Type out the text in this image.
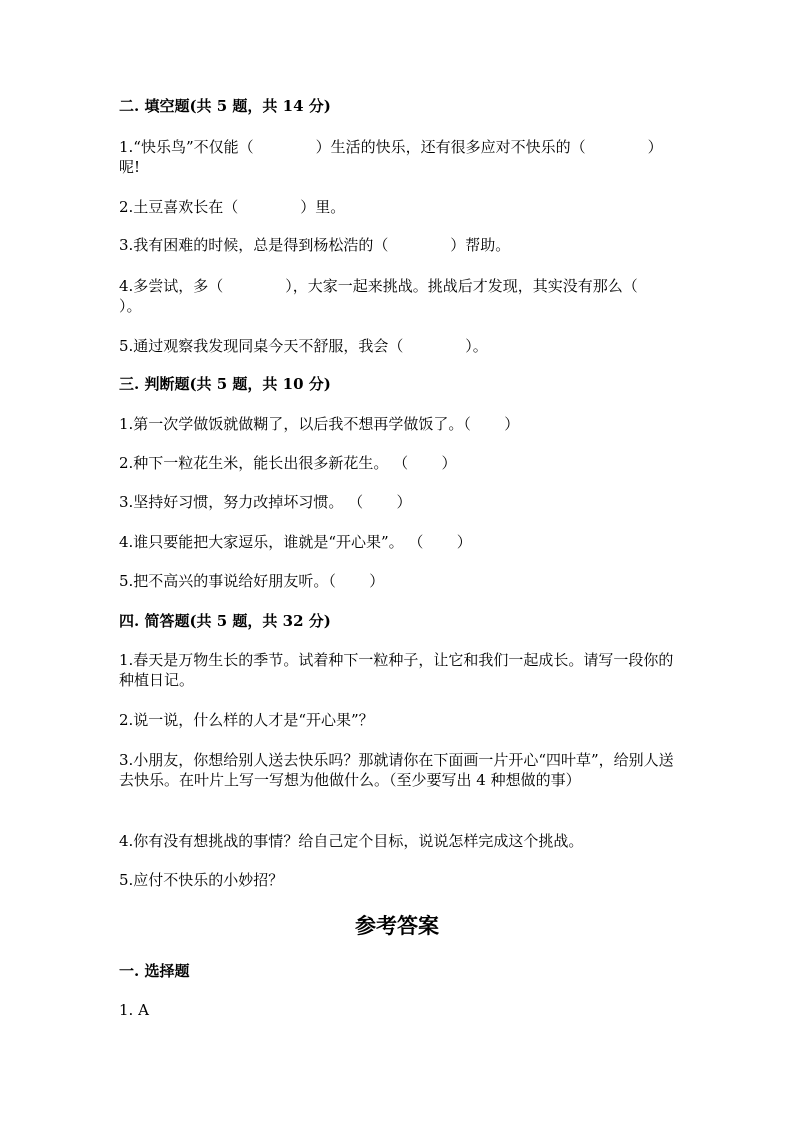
二. 填空题(共 5 题，共 14 分)
1.“快乐鸟”不仅能（             ）生活的快乐，还有很多应对不快乐的（             ）呢!
2.土豆喜欢长在（             ）里。
3.我有困难的时候，总是得到杨松浩的（             ）帮助。
4.多尝试，多（             ），大家一起来挑战。挑战后才发现，其实没有那么（             ）。
5.通过观察我发现同桌今天不舒服，我会（             ）。
三. 判断题(共 5 题，共 10 分)
1.第一次学做饭就做糊了，以后我不想再学做饭了。（       ）
2.种下一粒花生米，能长出很多新花生。 （       ）
3.坚持好习惯，努力改掉坏习惯。 （       ）
4.谁只要能把大家逗乐，谁就是“开心果”。 （       ）
5.把不高兴的事说给好朋友听。（       ）
四. 简答题(共 5 题，共 32 分)
1.春天是万物生长的季节。试着种下一粒种子，让它和我们一起成长。请写一段你的种植日记。
2.说一说，什么样的人才是“开心果”？
3.小朋友，你想给别人送去快乐吗？那就请你在下面画一片开心“四叶草”，给别人送去快乐。在叶片上写一写想为他做什么。（至少要写出 4 种想做的事）
4.你有没有想挑战的事情？给自己定个目标，说说怎样完成这个挑战。
5.应付不快乐的小妙招？
参考答案
一. 选择题
1. A
